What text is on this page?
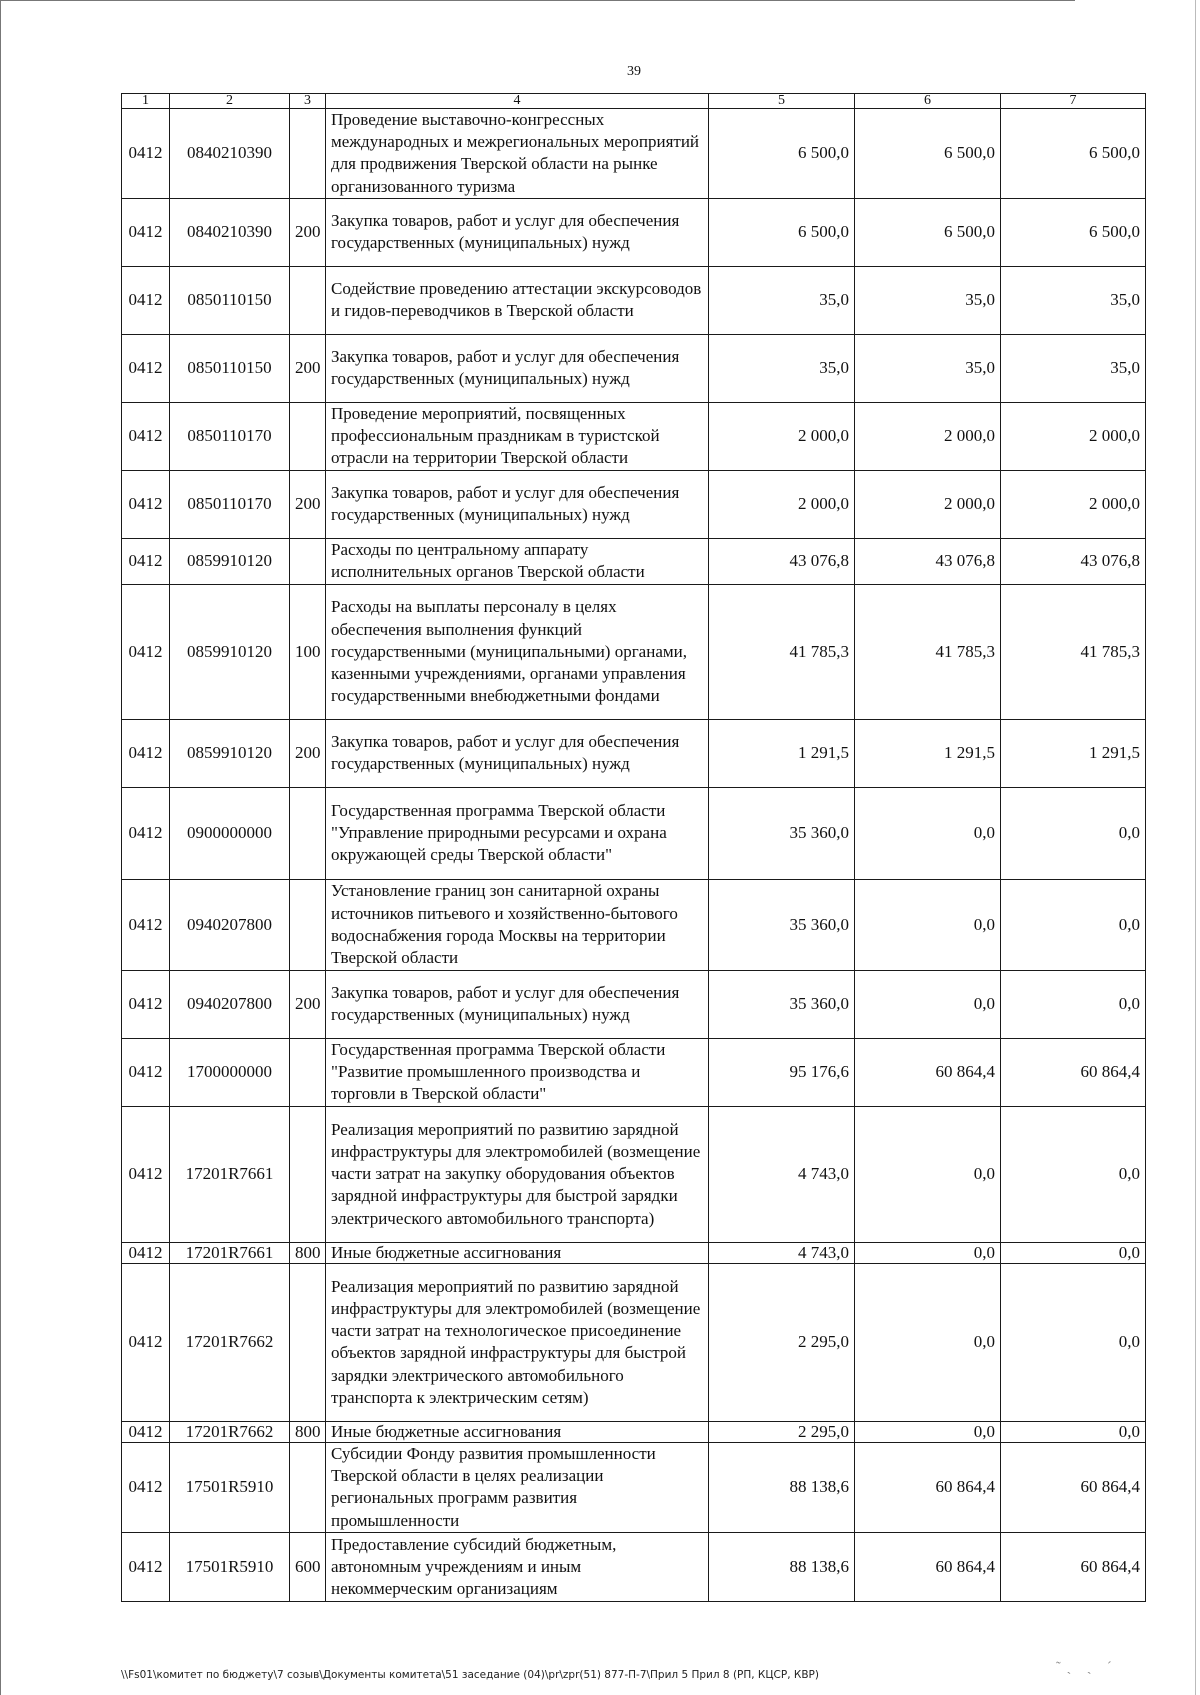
39
1	2	3	4	5	6	7
0412	0840210390		Проведение выставочно-конгрессных международных и межрегиональных мероприятий для продвижения Тверской области на рынке организованного туризма	6 500,0	6 500,0	6 500,0
0412	0840210390	200	Закупка товаров, работ и услуг для обеспечения государственных (муниципальных) нужд	6 500,0	6 500,0	6 500,0
0412	0850110150		Содействие проведению аттестации экскурсоводов и гидов-переводчиков в Тверской области	35,0	35,0	35,0
0412	0850110150	200	Закупка товаров, работ и услуг для обеспечения государственных (муниципальных) нужд	35,0	35,0	35,0
0412	0850110170		Проведение мероприятий, посвященных профессиональным праздникам в туристской отрасли на территории Тверской области	2 000,0	2 000,0	2 000,0
0412	0850110170	200	Закупка товаров, работ и услуг для обеспечения государственных (муниципальных) нужд	2 000,0	2 000,0	2 000,0
0412	0859910120		Расходы по центральному аппарату исполнительных органов Тверской области	43 076,8	43 076,8	43 076,8
0412	0859910120	100	Расходы на выплаты персоналу в целях обеспечения выполнения функций государственными (муниципальными) органами, казенными учреждениями, органами управления государственными внебюджетными фондами	41 785,3	41 785,3	41 785,3
0412	0859910120	200	Закупка товаров, работ и услуг для обеспечения государственных (муниципальных) нужд	1 291,5	1 291,5	1 291,5
0412	0900000000		Государственная программа Тверской области "Управление природными ресурсами и охрана окружающей среды Тверской области"	35 360,0	0,0	0,0
0412	0940207800		Установление границ зон санитарной охраны источников питьевого и хозяйственно-бытового водоснабжения города Москвы на территории Тверской области	35 360,0	0,0	0,0
0412	0940207800	200	Закупка товаров, работ и услуг для обеспечения государственных (муниципальных) нужд	35 360,0	0,0	0,0
0412	1700000000		Государственная программа Тверской области "Развитие промышленного производства и торговли в Тверской области"	95 176,6	60 864,4	60 864,4
0412	17201R7661		Реализация мероприятий по развитию зарядной инфраструктуры для электромобилей (возмещение части затрат на закупку оборудования объектов зарядной инфраструктуры для быстрой зарядки электрического автомобильного транспорта)	4 743,0	0,0	0,0
0412	17201R7661	800	Иные бюджетные ассигнования	4 743,0	0,0	0,0
0412	17201R7662		Реализация мероприятий по развитию зарядной инфраструктуры для электромобилей (возмещение части затрат на технологическое присоединение объектов зарядной инфраструктуры для быстрой зарядки электрического автомобильного транспорта к электрическим сетям)	2 295,0	0,0	0,0
0412	17201R7662	800	Иные бюджетные ассигнования	2 295,0	0,0	0,0
0412	17501R5910		Субсидии Фонду развития промышленности Тверской области в целях реализации региональных программ развития промышленности	88 138,6	60 864,4	60 864,4
0412	17501R5910	600	Предоставление субсидий бюджетным, автономным учреждениям и иным некоммерческим организациям	88 138,6	60 864,4	60 864,4
˜ˏ ˎ ˊ
\\Fs01\комитет по бюджету\7 созыв\Документы комитета\51 заседание (04)\pr\zpr(51) 877-П-7\Прил 5 Прил 8 (РП, КЦСР, КВР)
